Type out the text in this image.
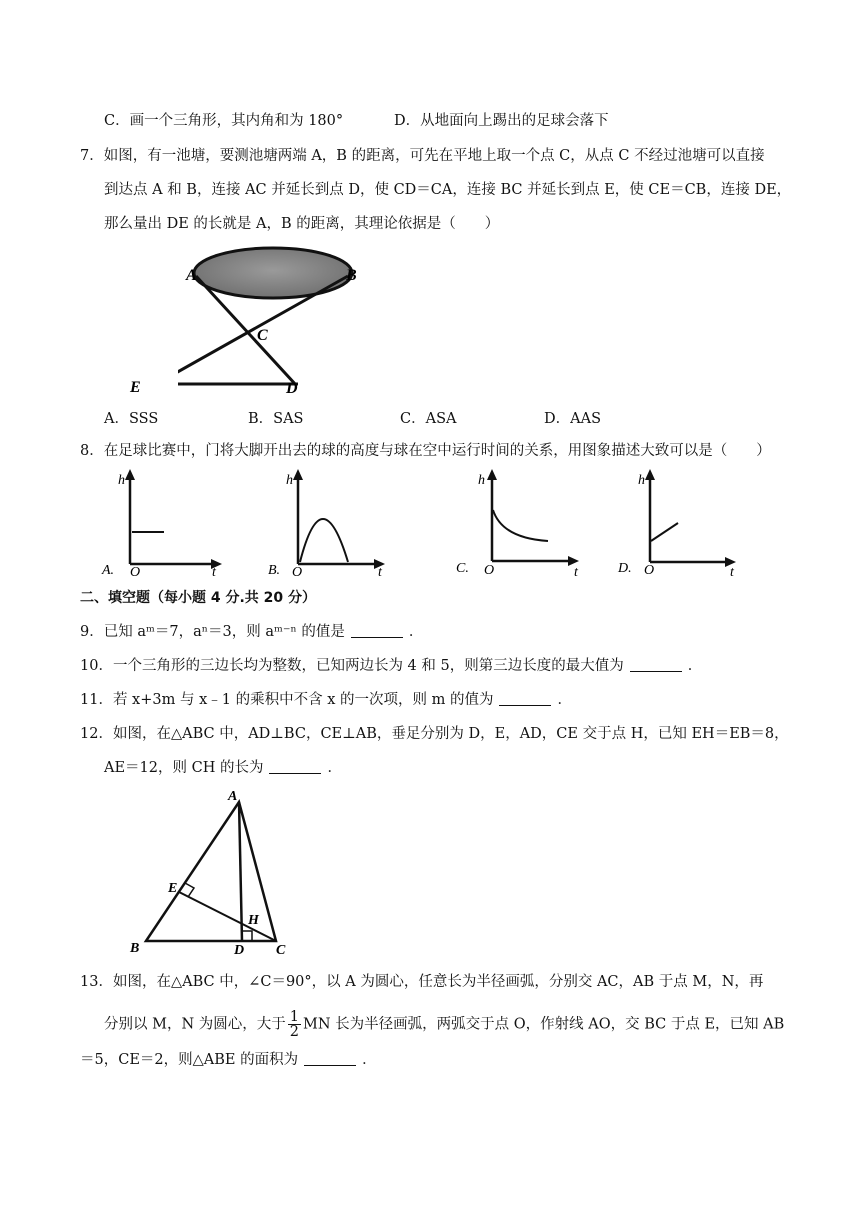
C．画一个三角形，其内角和为 180°	D．从地面向上踢出的足球会落下
7．如图，有一池塘，要测池塘两端 A，B 的距离，可先在平地上取一个点 C，从点 C 不经过池塘可以直接
到达点 A 和 B，连接 AC 并延长到点 D，使 CD＝CA，连接 BC 并延长到点 E，使 CE＝CB，连接 DE，
那么量出 DE 的长就是 A，B 的距离，其理论依据是（　　）
A	B
C
D
E
A．SSS	B．SAS	C．ASA	D．AAS
8．在足球比赛中，门将大脚开出去的球的高度与球在空中运行时间的关系，用图象描述大致可以是（　　）
h
t
O
A.
h
t
O
B.
h
t
O
C.
h
t
O
D.
二、填空题（每小题 4 分.共 20 分）
9．已知 aᵐ＝7，aⁿ＝3，则 aᵐ⁻ⁿ 的值是	．
10．一个三角形的三边长均为整数，已知两边长为 4 和 5，则第三边长度的最大值为	．
11．若 x+3m 与 x﹣1 的乘积中不含 x 的一次项，则 m 的值为	．
12．如图，在△ABC 中，AD⊥BC，CE⊥AB，垂足分别为 D，E，AD，CE 交于点 H，已知 EH＝EB＝8，
AE＝12，则 CH 的长为	．
A
B	C
D
E
H
13．如图，在△ABC 中，∠C＝90°，以 A 为圆心，任意长为半径画弧，分别交 AC，AB 于点 M，N，再
分别以 M，N 为圆心，大于 $\frac{1}{2}$ MN 长为半径画弧，两弧交于点 O，作射线 AO，交 BC 于点 E，已知 AB
＝5，CE＝2，则△ABE 的面积为	．
